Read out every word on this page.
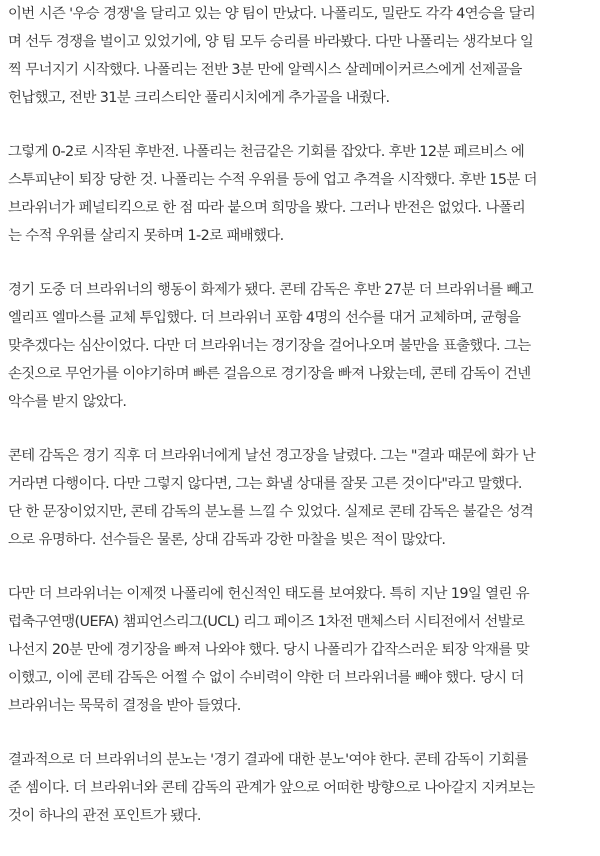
이번 시즌 '우승 경쟁'을 달리고 있는 양 팀이 만났다. 나폴리도, 밀란도 각각 4연승을 달리
며 선두 경쟁을 벌이고 있었기에, 양 팀 모두 승리를 바라봤다. 다만 나폴리는 생각보다 일
찍 무너지기 시작했다. 나폴리는 전반 3분 만에 알렉시스 살레메이커르스에게 선제골을
헌납했고, 전반 31분 크리스티안 풀리시치에게 추가골을 내줬다.

그렇게 0-2로 시작된 후반전. 나폴리는 천금같은 기회를 잡았다. 후반 12분 페르비스 에
스투피냔이 퇴장 당한 것. 나폴리는 수적 우위를 등에 업고 추격을 시작했다. 후반 15분 더
브라위너가 페널티킥으로 한 점 따라 붙으며 희망을 봤다. 그러나 반전은 없었다. 나폴리
는 수적 우위를 살리지 못하며 1-2로 패배했다.

경기 도중 더 브라위너의 행동이 화제가 됐다. 콘테 감독은 후반 27분 더 브라위너를 빼고
엘리프 엘마스를 교체 투입했다. 더 브라위너 포함 4명의 선수를 대거 교체하며, 균형을
맞추겠다는 심산이었다. 다만 더 브라위너는 경기장을 걸어나오며 불만을 표출했다. 그는
손짓으로 무언가를 이야기하며 빠른 걸음으로 경기장을 빠져 나왔는데, 콘테 감독이 건넨
악수를 받지 않았다.

콘테 감독은 경기 직후 더 브라위너에게 날선 경고장을 날렸다. 그는 "결과 때문에 화가 난
거라면 다행이다. 다만 그렇지 않다면, 그는 화낼 상대를 잘못 고른 것이다"라고 말했다.
단 한 문장이었지만, 콘테 감독의 분노를 느낄 수 있었다. 실제로 콘테 감독은 불같은 성격
으로 유명하다. 선수들은 물론, 상대 감독과 강한 마찰을 빚은 적이 많았다.

다만 더 브라위너는 이제껏 나폴리에 헌신적인 태도를 보여왔다. 특히 지난 19일 열린 유
럽축구연맹(UEFA) 챔피언스리그(UCL) 리그 페이즈 1차전 맨체스터 시티전에서 선발로
나선지 20분 만에 경기장을 빠져 나와야 했다. 당시 나폴리가 갑작스러운 퇴장 악재를 맞
이했고, 이에 콘테 감독은 어쩔 수 없이 수비력이 약한 더 브라위너를 빼야 했다. 당시 더
브라위너는 묵묵히 결정을 받아 들였다.

결과적으로 더 브라위너의 분노는 '경기 결과에 대한 분노'여야 한다. 콘테 감독이 기회를
준 셈이다. 더 브라위너와 콘테 감독의 관계가 앞으로 어떠한 방향으로 나아갈지 지켜보는
것이 하나의 관전 포인트가 됐다.
